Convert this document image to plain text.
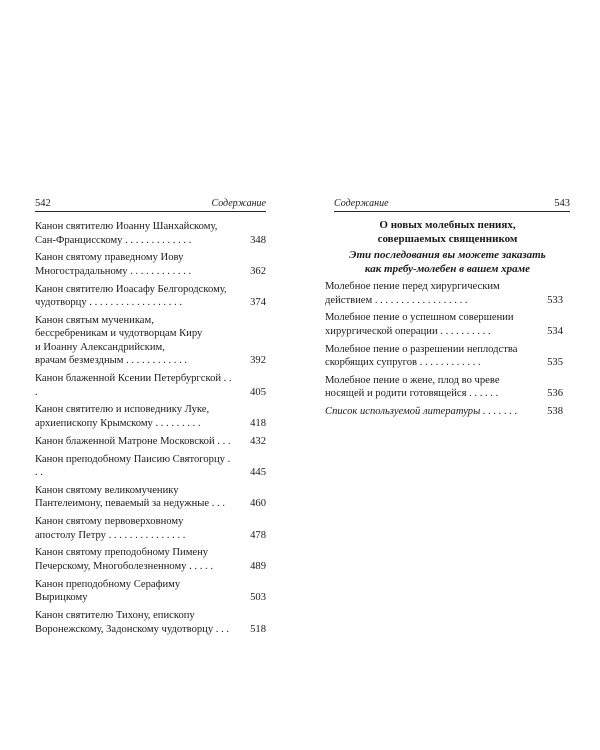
542	Содержание
Канон святителю Иоанну Шанхайскому,
Сан-Франциcскому . . . . . . . . . . . . .	348
Канон святому праведному Иову
Многострадальному . . . . . . . . . . . .	362
Канон святителю Иоасафу Белгородскому,
чудотворцу . . . . . . . . . . . . . . . . . .	374
Канон святым мученикам,
бессребреникам и чудотворцам Киру
и Иоанну Александрийским,
врачам безмездным . . . . . . . . . . . .	392
Канон блаженной Ксении Петербургской . . .	405
Канон святителю и исповеднику Луке,
архиепископу Крымскому . . . . . . . . .	418
Канон блаженной Матроне Московской . . .	432
Канон преподобному Паисию Святогорцу . . .	445
Канон святому великомученику
Пантелеимону, певаемый за недужные . . .	460
Канон святому первоверховному
апостолу Петру . . . . . . . . . . . . . . .	478
Канон святому преподобному Пимену
Печерскому, Многоболезненному . . . . .	489
Канон преподобному Серафиму Вырицкому	503
Канон святителю Тихону, епископу
Воронежскому, Задонскому чудотворцу . . .	518
Содержание	543
О новых молебных пениях,
совершаемых священником
Эти последования вы можете заказать
как требу-молебен в вашем храме
Молебное пение перед хирургическим
действием . . . . . . . . . . . . . . . . . .	533
Молебное пение о успешном совершении
хирургической операции . . . . . . . . . .	534
Молебное пение о разрешении неплодства
скорбящих супругов . . . . . . . . . . . .	535
Молебное пение о жене, плод во чреве
носящей и родити готовящейся . . . . . .	536
Список используемой литературы . . . . . . .	538
